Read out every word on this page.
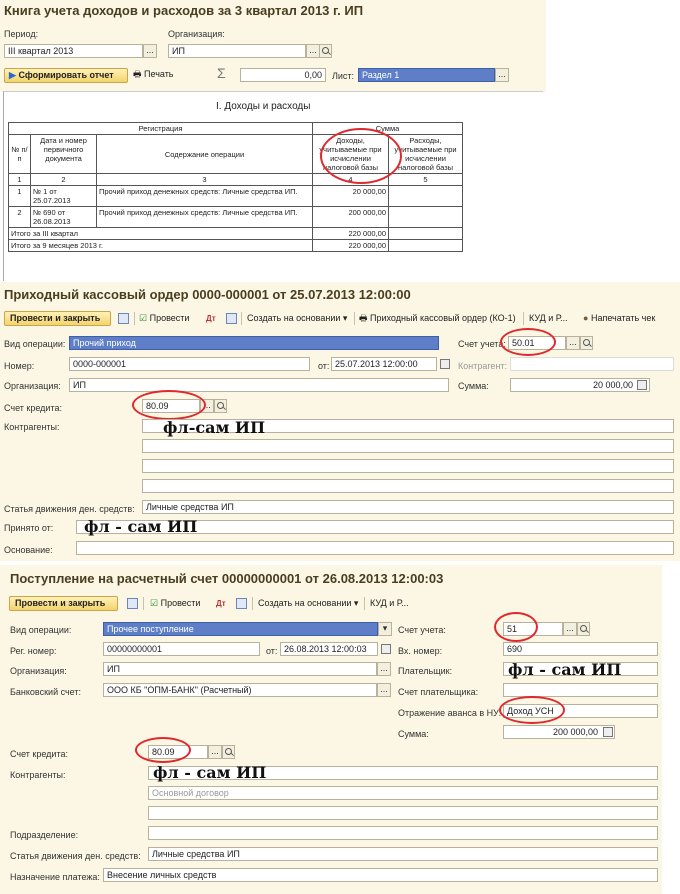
Книга учета доходов и расходов за 3 квартал 2013 г. ИП
Период:
III квартал 2013	...
Организация:
ИП	...
▶ Сформировать отчет	🖶 Печать	Σ	0,00	Лист: Раздел 1	...
I. Доходы и расходы
Регистрация			Сумма	
№ п/п	Дата и номер первичного документа	Содержание операции	Доходы, учитываемые при исчислении налоговой базы	Расходы, учитываемые при исчислении налоговой базы
1	2	3	4	5
1	№ 1 от 25.07.2013	Прочий приход денежных средств: Личные средства ИП.	20 000,00	
2	№ 690 от 26.08.2013	Прочий приход денежных средств: Личные средства ИП.	200 000,00	
Итого за III квартал			220 000,00	
Итого за 9 месяцев 2013 г.			220 000,00	
Приходный кассовый ордер 0000-000001 от 25.07.2013 12:00:00
Провести и закрыть	☑ Провести Дт	Создать на основании ▾ 🖶 Приходный кассовый ордер (КО-1) КУД и Р... ● Напечатать чек
Вид операции: Прочий приход	Счет учета: 50.01	...
Номер:	0000-000001	от: 25.07.2013 12:00:00	Контрагент:
Организация:	ИП	Сумма:	20 000,00
Счет кредита:	80.09	...
Контрагенты:	фл-сам ИП
Статья движения ден. средств:	Личные средства ИП
Принято от: фл - сам ИП
Основание:
Поступление на расчетный счет 00000000001 от 26.08.2013 12:00:03
Провести и закрыть	☑ Провести Дт	Создать на основании ▾ КУД и Р...
Вид операции:	Прочее поступление	▾	Счет учета:	51	...
Рег. номер:	00000000001	от: 26.08.2013 12:00:03	Вх. номер:	690
Организация:	ИП	...	Плательщик:	фл - сам ИП
Банковский счет:	ООО КБ "ОПМ-БАНК" (Расчетный)	...	Счет плательщика:
Отражение аванса в НУ: Доход УСН
Сумма:	200 000,00
Счет кредита:	80.09	...
Контрагенты:
Основной договор
фл - сам ИП
Подразделение:
Статья движения ден. средств:	Личные средства ИП
Назначение платежа: Внесение личных средств
